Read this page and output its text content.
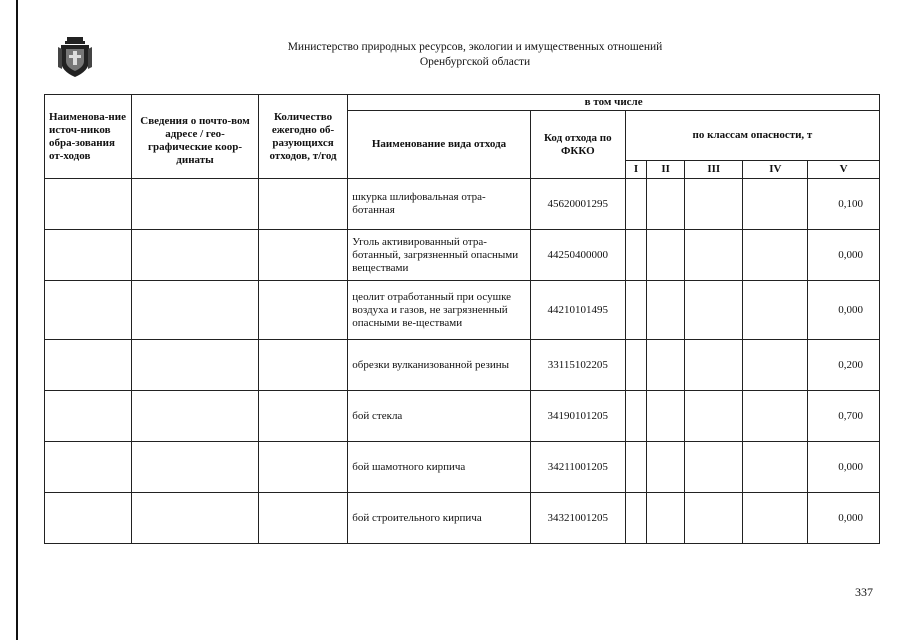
Министерство природных ресурсов, экологии и имущественных отношений
Оренбургской области
Наименова-ние источ-ников обра-зования от-ходов	Сведения о почто-вом адресе / гео-графические коор-динаты	Количество ежегодно об-разующихся отходов, т/год	в том числе						
			Наименование вида отхода	Код отхода по ФККО	по классам опасности, т				
					I	II	III	IV	V
			шкурка шлифовальная отра-ботанная	45620001295					0,100
			Уголь активированный отра-ботанный, загрязненный опасными веществами	44250400000					0,000
			цеолит отработанный при осушке воздуха и газов, не загрязненный опасными ве-ществами	44210101495					0,000
			обрезки вулканизованной резины	33115102205					0,200
			бой стекла	34190101205					0,700
			бой шамотного кирпича	34211001205					0,000
			бой строительного кирпича	34321001205					0,000
337
